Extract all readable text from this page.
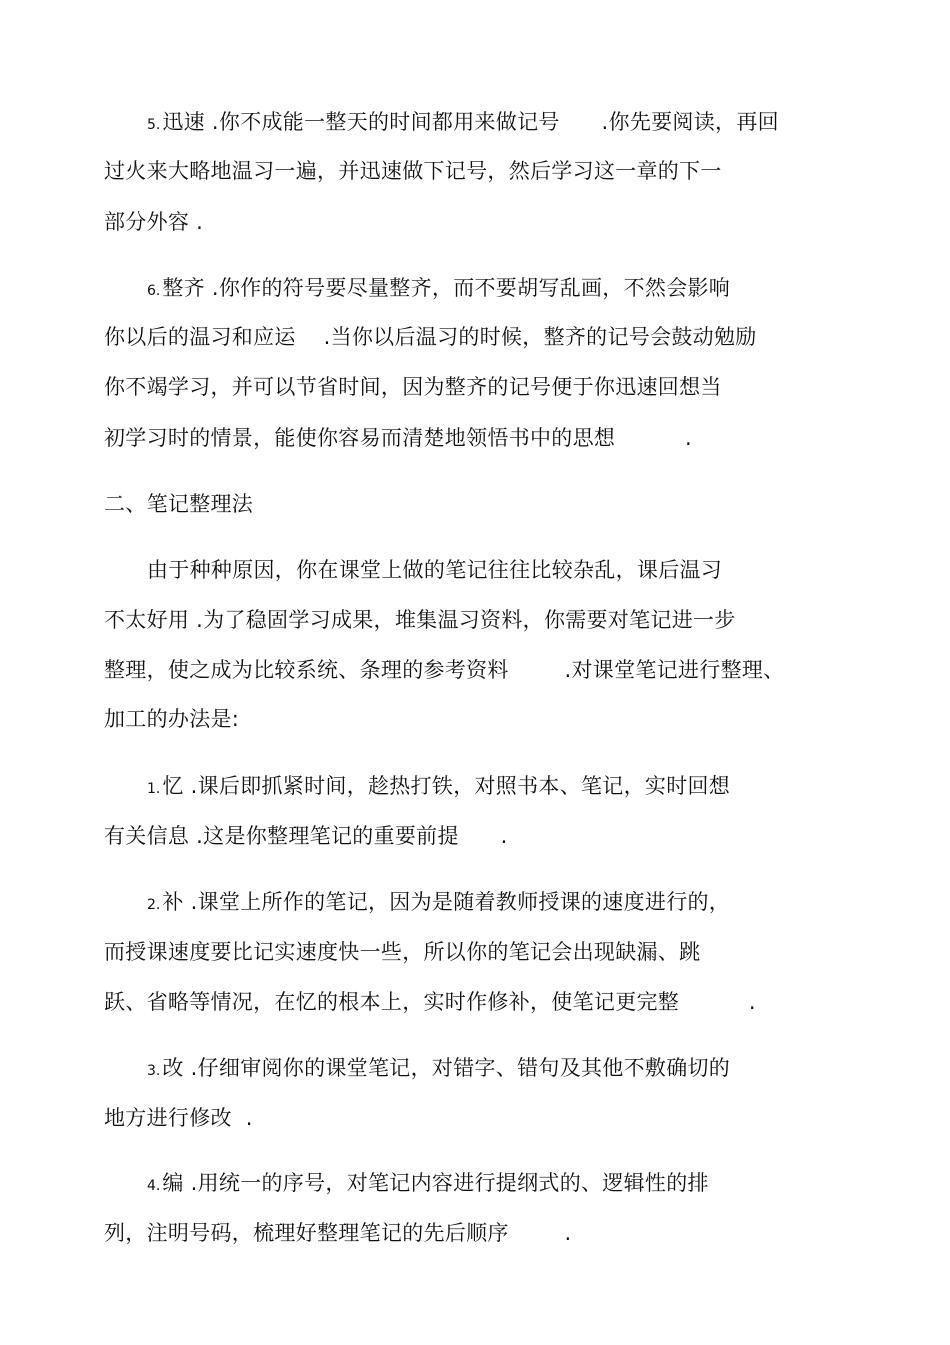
5.迅速 .你不成能一整天的时间都用来做记号      .你先要阅读，再回
过火来大略地温习一遍，并迅速做下记号，然后学习这一章的下一
部分外容 .
6.整齐 .你作的符号要尽量整齐，而不要胡写乱画，不然会影响
你以后的温习和应运    .当你以后温习的时候，整齐的记号会鼓动勉励
你不竭学习，并可以节省时间，因为整齐的记号便于你迅速回想当
初学习时的情景，能使你容易而清楚地领悟书中的思想          .
二、笔记整理法
由于种种原因，你在课堂上做的笔记往往比较杂乱，课后温习
不太好用 .为了稳固学习成果，堆集温习资料，你需要对笔记进一步
整理，使之成为比较系统、条理的参考资料        .对课堂笔记进行整理、
加工的办法是:
1.忆 .课后即抓紧时间，趁热打铁，对照书本、笔记，实时回想
有关信息 .这是你整理笔记的重要前提      .
2.补 .课堂上所作的笔记，因为是随着教师授课的速度进行的，
而授课速度要比记实速度快一些，所以你的笔记会出现缺漏、跳
跃、省略等情况，在忆的根本上，实时作修补，使笔记更完整          .
3.改 .仔细审阅你的课堂笔记，对错字、错句及其他不敷确切的
地方进行修改  .
4.编 .用统一的序号，对笔记内容进行提纲式的、逻辑性的排
列，注明号码，梳理好整理笔记的先后顺序        .
